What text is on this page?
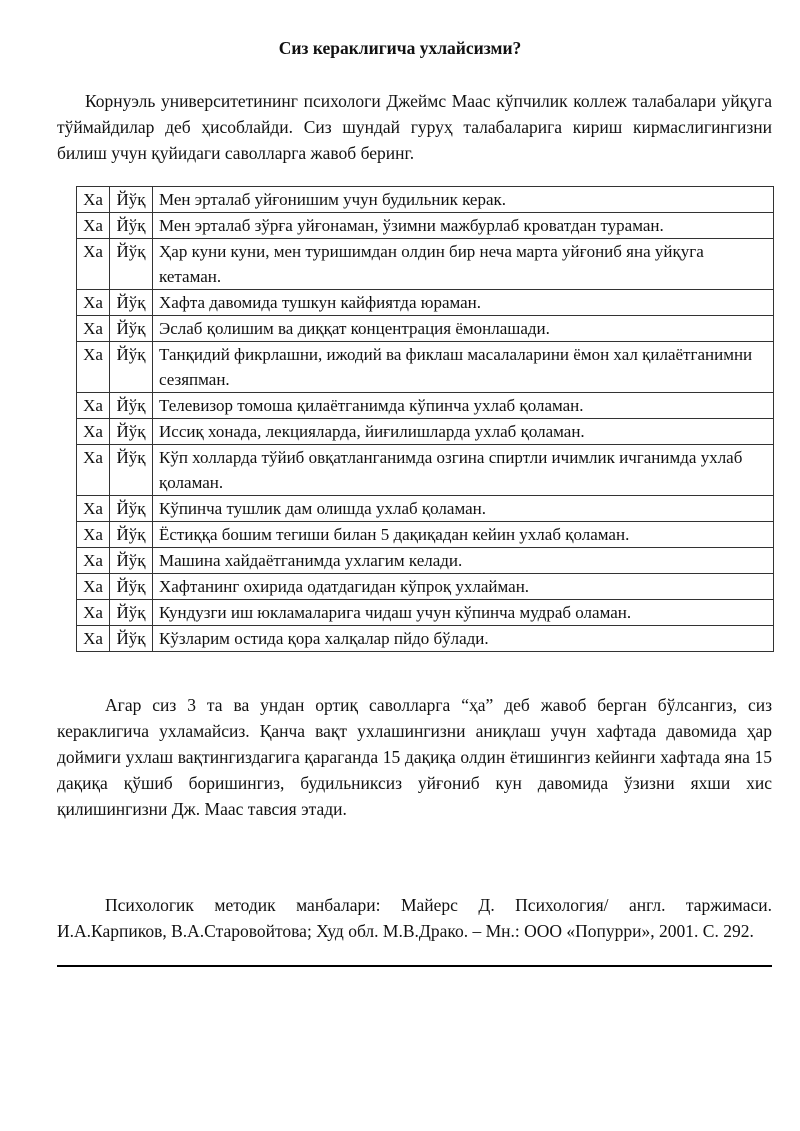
Сиз кераклигича ухлайсизми?

Корнуэль университетининг психологи Джеймс Маас кўпчилик коллеж талабалари уйқуга тўймайдилар деб ҳисоблайди. Сиз шундай гуруҳ талабаларига кириш кирмаслигингизни билиш учун қуйидаги саволларга жавоб беринг.

Ха	Йўқ	Мен эрталаб уйғонишим учун будильник керак.
Ха	Йўқ	Мен эрталаб зўрға уйғонаман, ўзимни мажбурлаб кроватдан тураман.
Ха	Йўқ	Ҳар куни куни, мен туришимдан олдин бир неча марта уйғониб яна уйқуга кетаман.
Ха	Йўқ	Хафта давомида тушкун кайфиятда юраман.
Ха	Йўқ	Эслаб қолишим ва диққат концентрация ёмонлашади.
Ха	Йўқ	Танқидий фикрлашни, ижодий ва фиклаш масалаларини ёмон хал қилаётганимни сезяпман.
Ха	Йўқ	Телевизор томоша қилаётганимда кўпинча ухлаб қоламан.
Ха	Йўқ	Иссиқ хонада, лекцияларда, йиғилишларда ухлаб қоламан.
Ха	Йўқ	Кўп холларда тўйиб овқатланганимда озгина спиртли ичимлик ичганимда ухлаб қоламан.
Ха	Йўқ	Кўпинча тушлик дам олишда ухлаб қоламан.
Ха	Йўқ	Ёстиққа бошим тегиши билан 5 дақиқадан кейин ухлаб қоламан.
Ха	Йўқ	Машина хайдаётганимда ухлагим келади.
Ха	Йўқ	Хафтанинг охирида одатдагидан кўпроқ ухлайман.
Ха	Йўқ	Кундузги иш юкламаларига чидаш учун кўпинча мудраб оламан.
Ха	Йўқ	Кўзларим остида қора халқалар пйдо бўлади.

Агар сиз 3 та ва ундан ортиқ саволларга “ҳа” деб жавоб берган бўлсангиз, сиз кераклигича ухламайсиз. Қанча вақт ухлашингизни аниқлаш учун хафтада давомида ҳар доймиги ухлаш вақтингиздагига қараганда 15 дақиқа олдин ётишингиз кейинги хафтада яна 15 дақиқа қўшиб боришингиз, будильниксиз уйғониб кун давомида ўзизни яхши хис қилишингизни Дж. Маас тавсия этади.

Психологик методик манбалари: Майерс Д. Психология/ англ. таржимаси. И.А.Карпиков, В.А.Старовойтова; Худ обл. М.В.Драко. – Мн.: ООО «Попурри», 2001. С. 292.
